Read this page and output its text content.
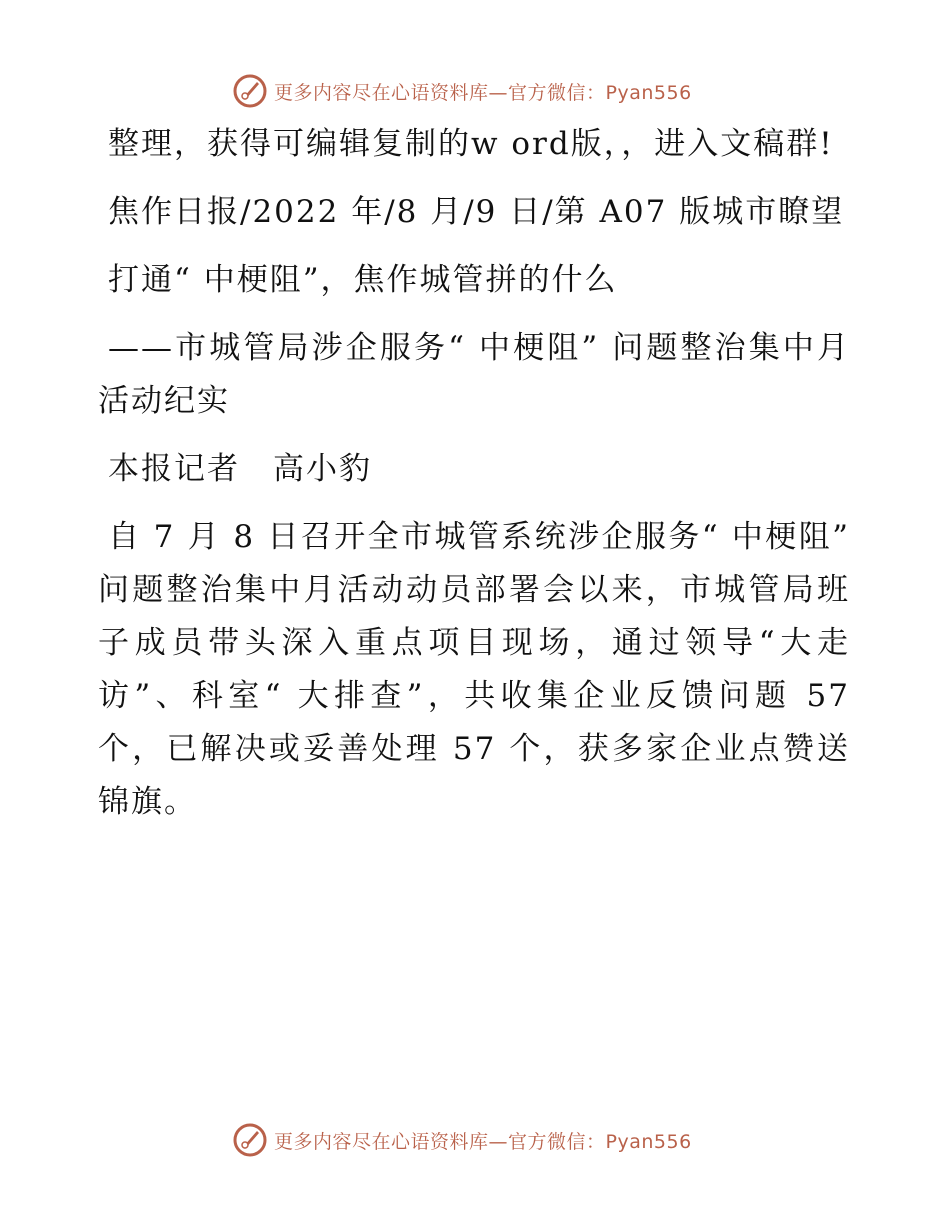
更多内容尽在心语资料库—官方微信：Pyan556

整理，获得可编辑复制的w ord版，，进入文稿群!

焦作日报/2022 年/8 月/9 日/第 A07 版城市瞭望

打通“ 中梗阻”，焦作城管拼的什么

——市城管局涉企服务“ 中梗阻” 问题整治集中月活动纪实

本报记者　高小豹

自 7 月 8 日召开全市城管系统涉企服务“ 中梗阻” 问题整治集中月活动动员部署会以来，市城管局班子成员带头深入重点项目现场，通过领导“大走访”、科室“ 大排查”，共收集企业反馈问题 57 个，已解决或妥善处理 57 个，获多家企业点赞送锦旗。

更多内容尽在心语资料库—官方微信：Pyan556
